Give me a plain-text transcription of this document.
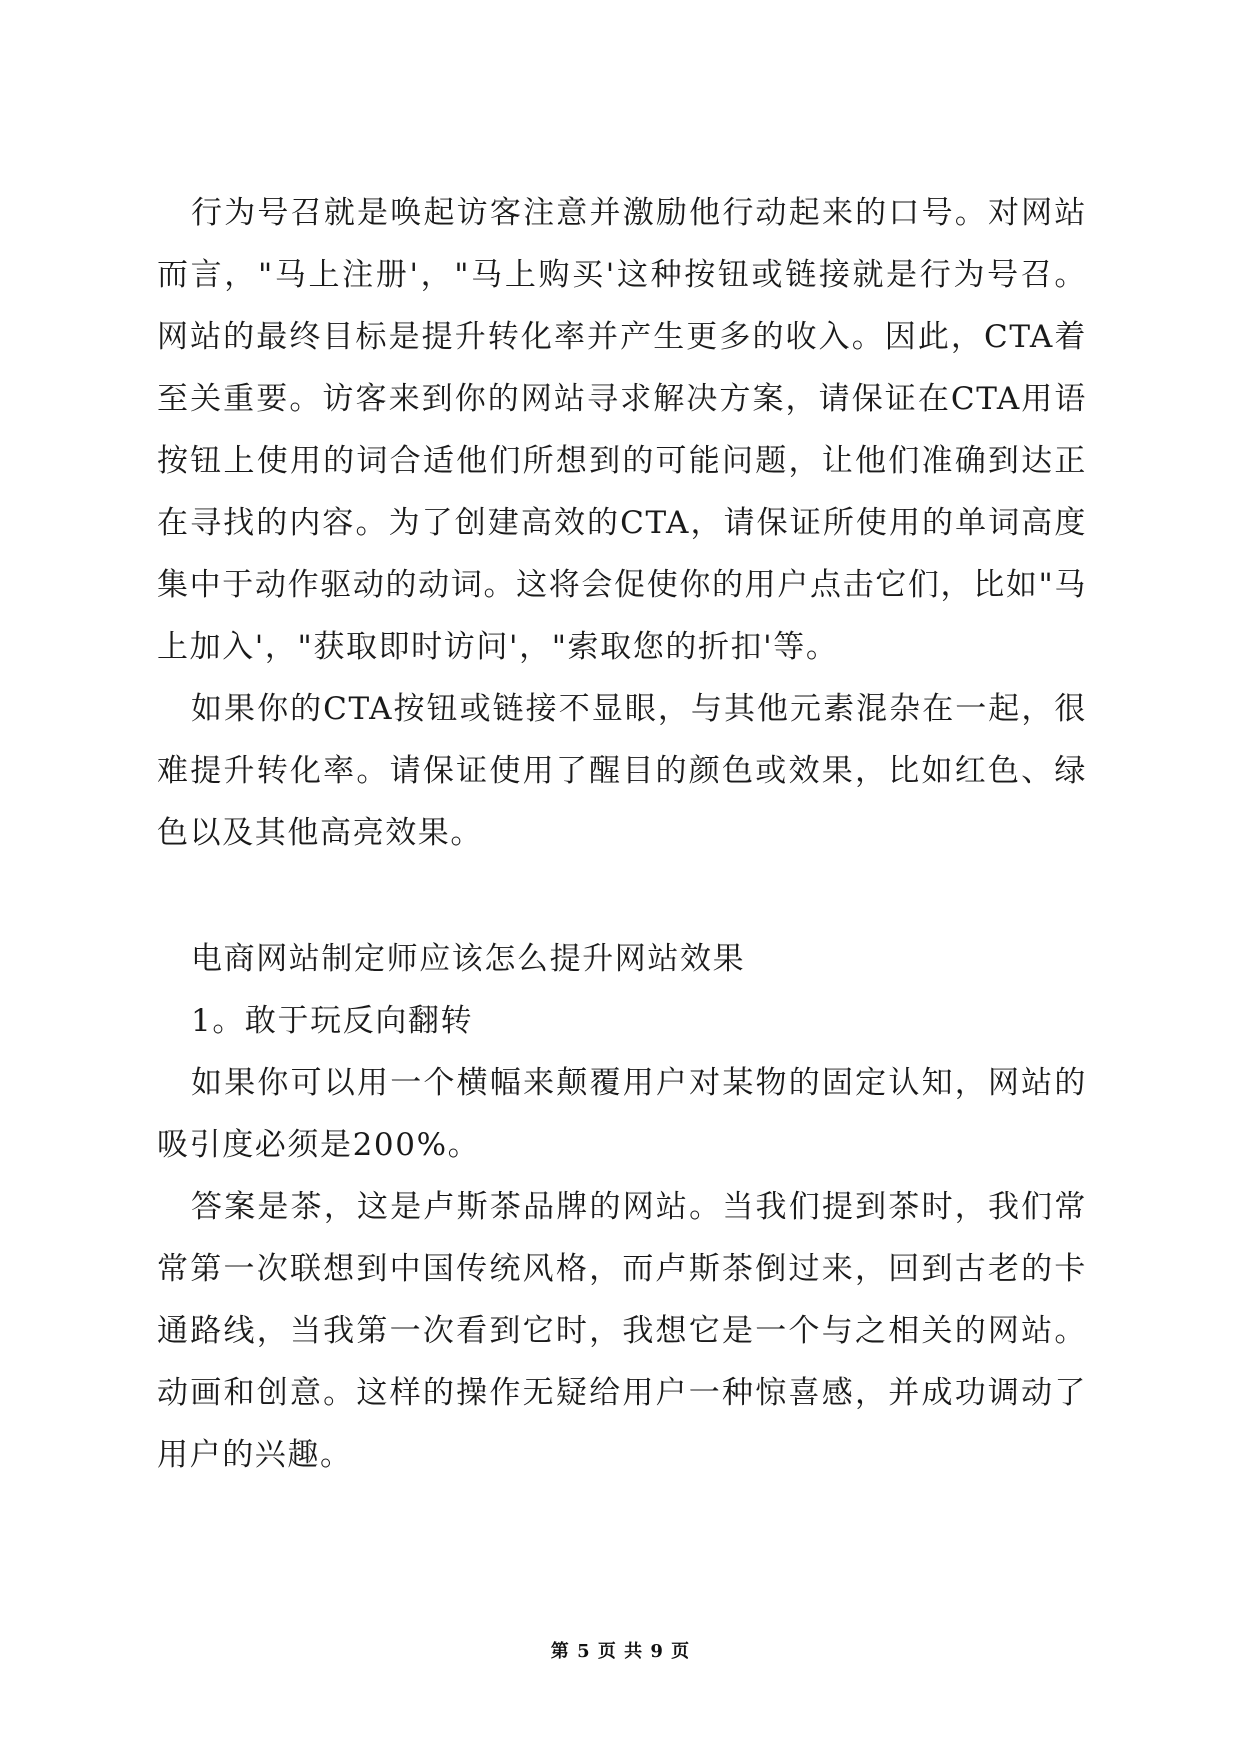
行为号召就是唤起访客注意并激励他行动起来的口号。对网站而言，"马上注册'，"马上购买'这种按钮或链接就是行为号召。网站的最终目标是提升转化率并产生更多的收入。因此，CTA着至关重要。访客来到你的网站寻求解决方案，请保证在CTA用语按钮上使用的词合适他们所想到的可能问题，让他们准确到达正在寻找的内容。为了创建高效的CTA，请保证所使用的单词高度集中于动作驱动的动词。这将会促使你的用户点击它们，比如"马上加入'，"获取即时访问'，"索取您的折扣'等。

如果你的CTA按钮或链接不显眼，与其他元素混杂在一起，很难提升转化率。请保证使用了醒目的颜色或效果，比如红色、绿色以及其他高亮效果。

电商网站制定师应该怎么提升网站效果

1。敢于玩反向翻转

如果你可以用一个横幅来颠覆用户对某物的固定认知，网站的吸引度必须是200%。

答案是茶，这是卢斯茶品牌的网站。当我们提到茶时，我们常常第一次联想到中国传统风格，而卢斯茶倒过来，回到古老的卡通路线，当我第一次看到它时，我想它是一个与之相关的网站。动画和创意。这样的操作无疑给用户一种惊喜感，并成功调动了用户的兴趣。

第 5 页 共 9 页
